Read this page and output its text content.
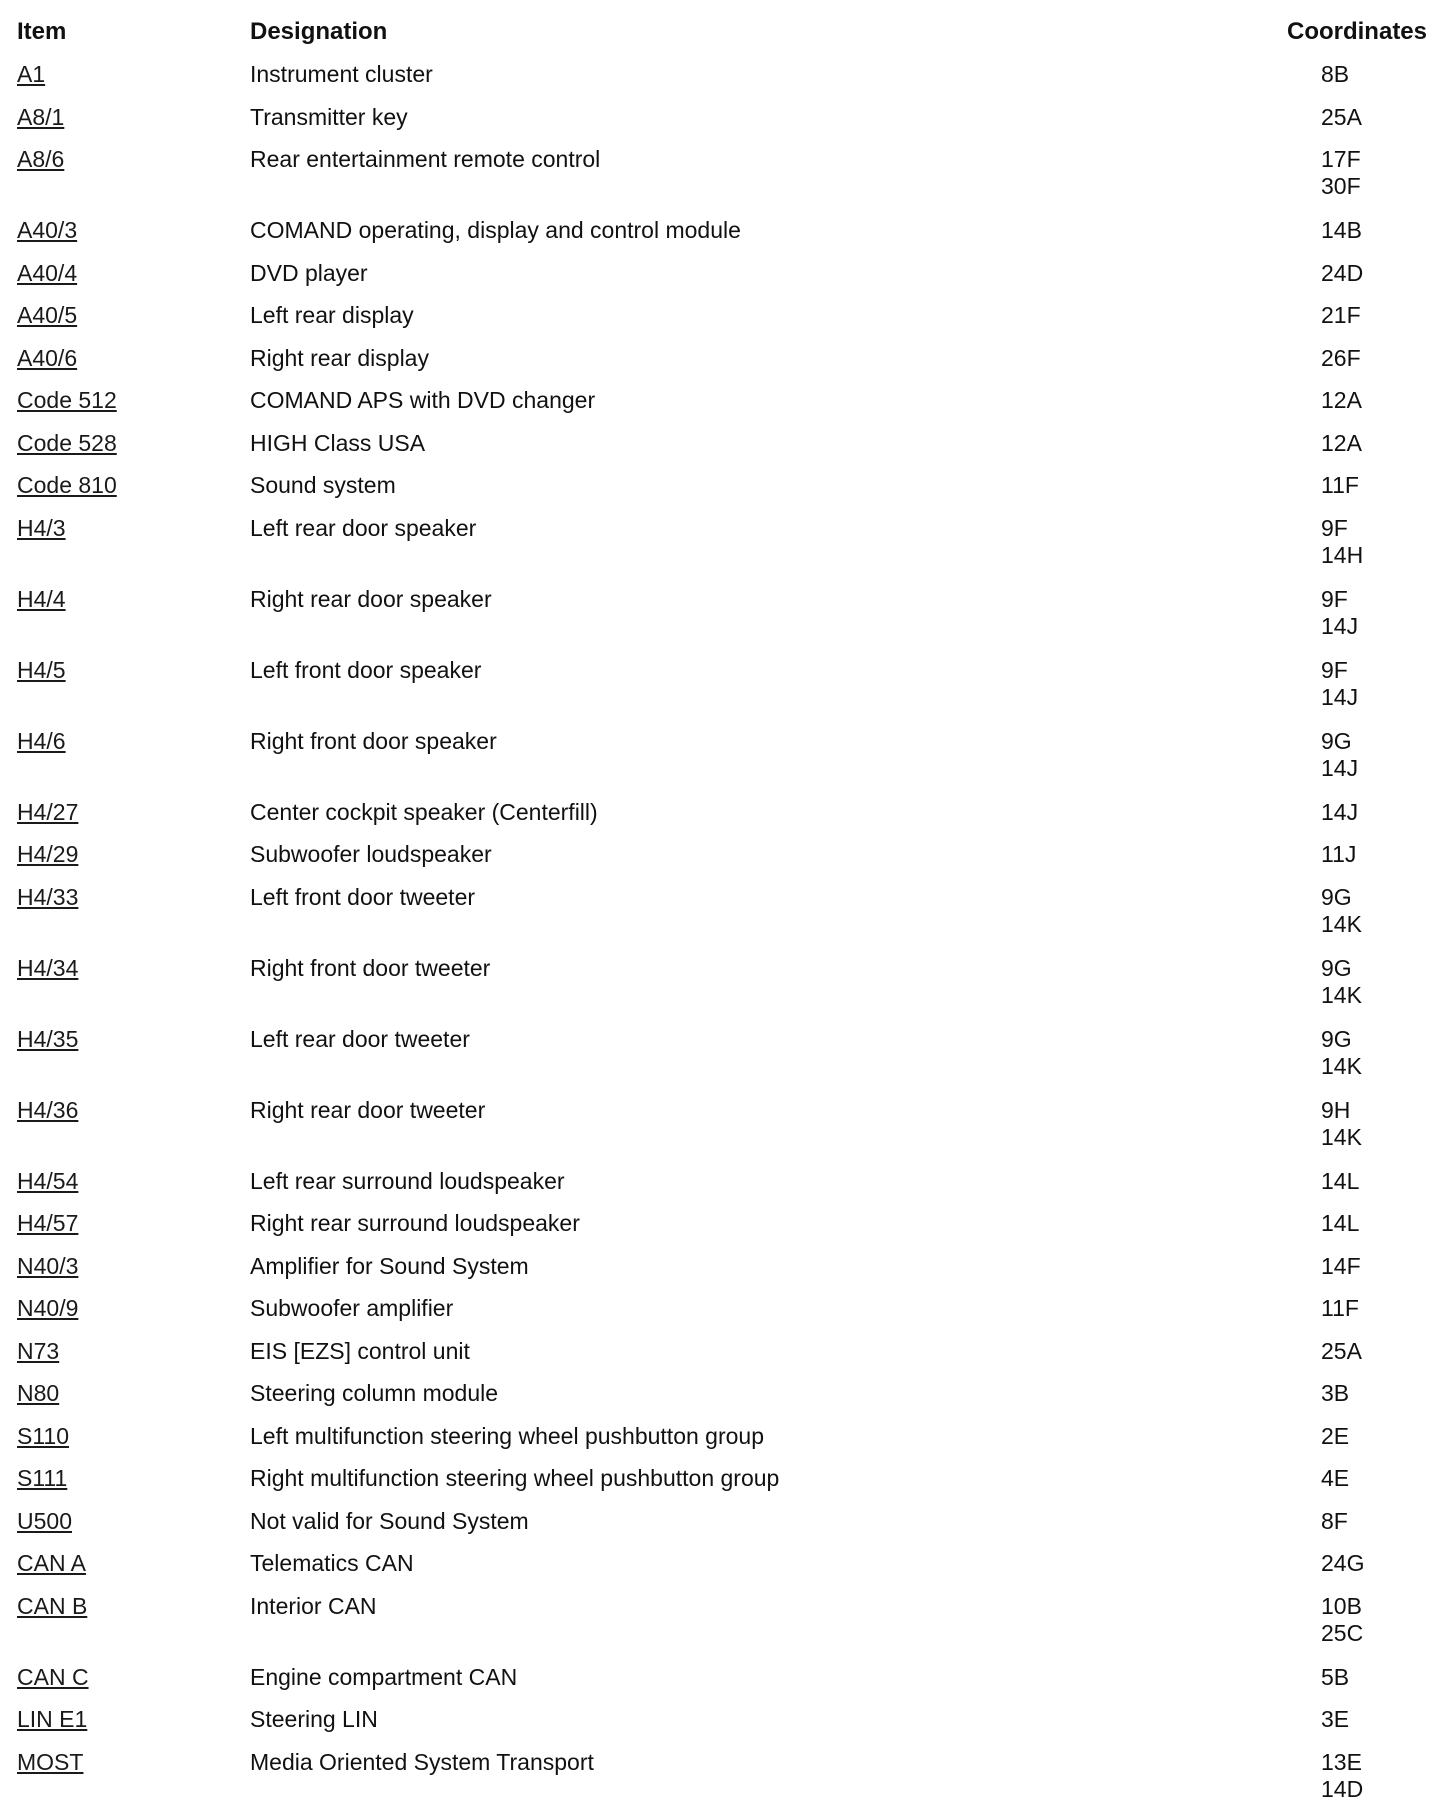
Item	Designation	Coordinates
A1	Instrument cluster	8B
A8/1	Transmitter key	25A
A8/6	Rear entertainment remote control	17F
30F
A40/3	COMAND operating, display and control module	14B
A40/4	DVD player	24D
A40/5	Left rear display	21F
A40/6	Right rear display	26F
Code 512	COMAND APS with DVD changer	12A
Code 528	HIGH Class USA	12A
Code 810	Sound system	11F
H4/3	Left rear door speaker	9F
14H
H4/4	Right rear door speaker	9F
14J
H4/5	Left front door speaker	9F
14J
H4/6	Right front door speaker	9G
14J
H4/27	Center cockpit speaker (Centerfill)	14J
H4/29	Subwoofer loudspeaker	11J
H4/33	Left front door tweeter	9G
14K
H4/34	Right front door tweeter	9G
14K
H4/35	Left rear door tweeter	9G
14K
H4/36	Right rear door tweeter	9H
14K
H4/54	Left rear surround loudspeaker	14L
H4/57	Right rear surround loudspeaker	14L
N40/3	Amplifier for Sound System	14F
N40/9	Subwoofer amplifier	11F
N73	EIS [EZS] control unit	25A
N80	Steering column module	3B
S110	Left multifunction steering wheel pushbutton group	2E
S111	Right multifunction steering wheel pushbutton group	4E
U500	Not valid for Sound System	8F
CAN A	Telematics CAN	24G
CAN B	Interior CAN	10B
25C
CAN C	Engine compartment CAN	5B
LIN E1	Steering LIN	3E
MOST	Media Oriented System Transport	13E
14D
